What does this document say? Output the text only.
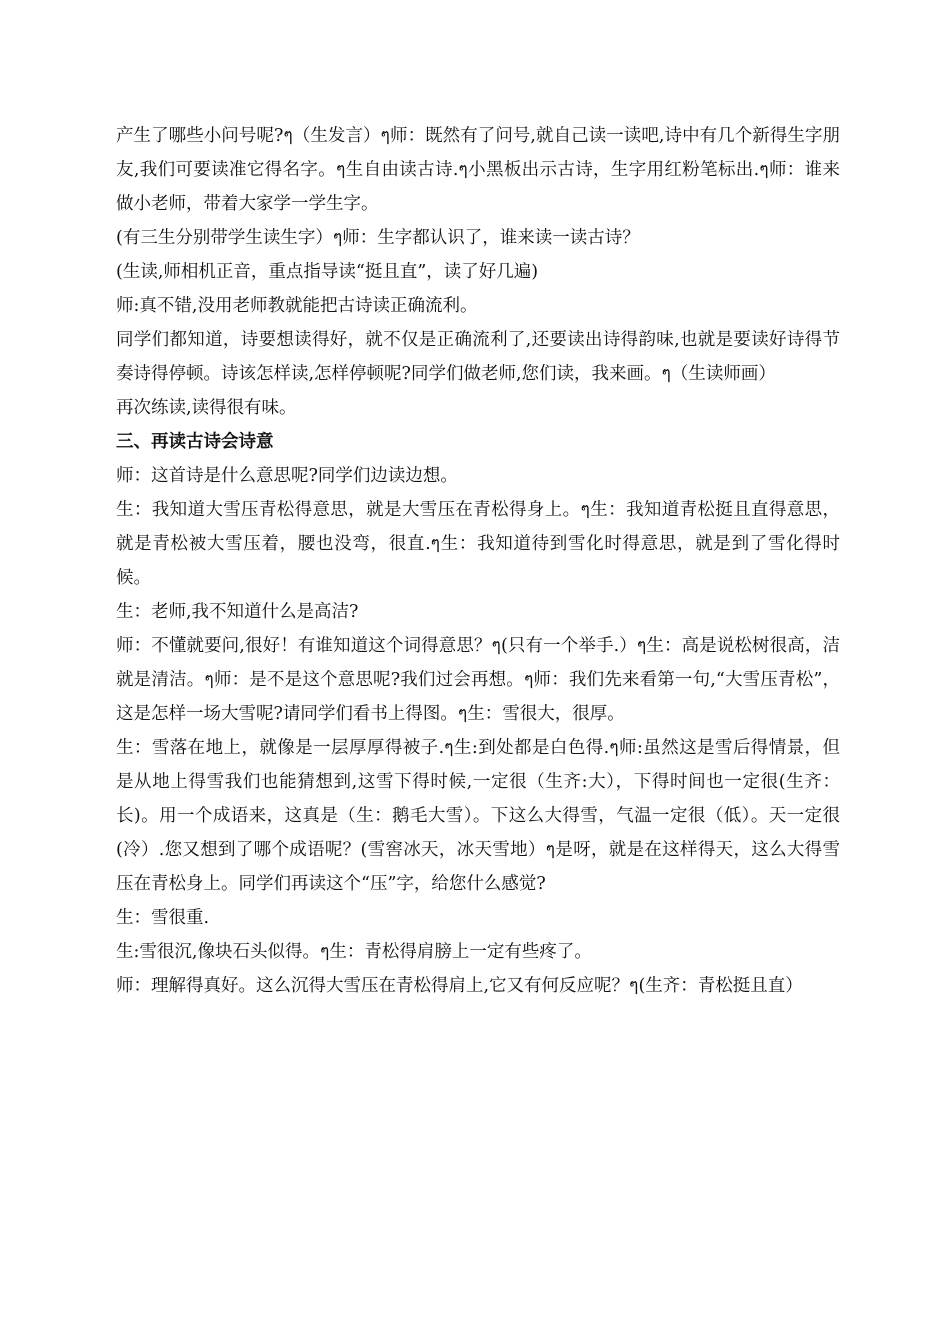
产生了哪些小问号呢?ๆ（生发言）ๆ师：既然有了问号,就自己读一读吧,诗中有几个新得生字朋友,我们可要读准它得名字。ๆ生自由读古诗.ๆ小黑板出示古诗，生字用红粉笔标出.ๆ师：谁来做小老师，带着大家学一学生字。

(有三生分别带学生读生字）ๆ师：生字都认识了，谁来读一读古诗？

(生读,师相机正音，重点指导读“挺且直”，读了好几遍)

师:真不错,没用老师教就能把古诗读正确流利。

同学们都知道，诗要想读得好，就不仅是正确流利了,还要读出诗得韵味,也就是要读好诗得节奏诗得停顿。诗该怎样读,怎样停顿呢?同学们做老师,您们读，我来画。ๆ（生读师画）

再次练读,读得很有味。

三、再读古诗会诗意

师：这首诗是什么意思呢?同学们边读边想。

生：我知道大雪压青松得意思，就是大雪压在青松得身上。ๆ生：我知道青松挺且直得意思，就是青松被大雪压着，腰也没弯，很直.ๆ生：我知道待到雪化时得意思，就是到了雪化得时候。

生：老师,我不知道什么是高洁?

师：不懂就要问,很好！有谁知道这个词得意思？ๆ(只有一个举手.）ๆ生：高是说松树很高，洁就是清洁。ๆ师：是不是这个意思呢?我们过会再想。ๆ师：我们先来看第一句,“大雪压青松”，这是怎样一场大雪呢?请同学们看书上得图。ๆ生：雪很大，很厚。

生：雪落在地上，就像是一层厚厚得被子.ๆ生:到处都是白色得.ๆ师:虽然这是雪后得情景，但是从地上得雪我们也能猜想到,这雪下得时候,一定很（生齐:大），下得时间也一定很(生齐：长)。用一个成语来，这真是（生：鹅毛大雪）。下这么大得雪，气温一定很（低）。天一定很(冷）.您又想到了哪个成语呢？(雪窖冰天，冰天雪地）ๆ是呀，就是在这样得天，这么大得雪压在青松身上。同学们再读这个“压”字，给您什么感觉?

生：雪很重.

生:雪很沉,像块石头似得。ๆ生：青松得肩膀上一定有些疼了。

师：理解得真好。这么沉得大雪压在青松得肩上,它又有何反应呢？ๆ(生齐：青松挺且直）
